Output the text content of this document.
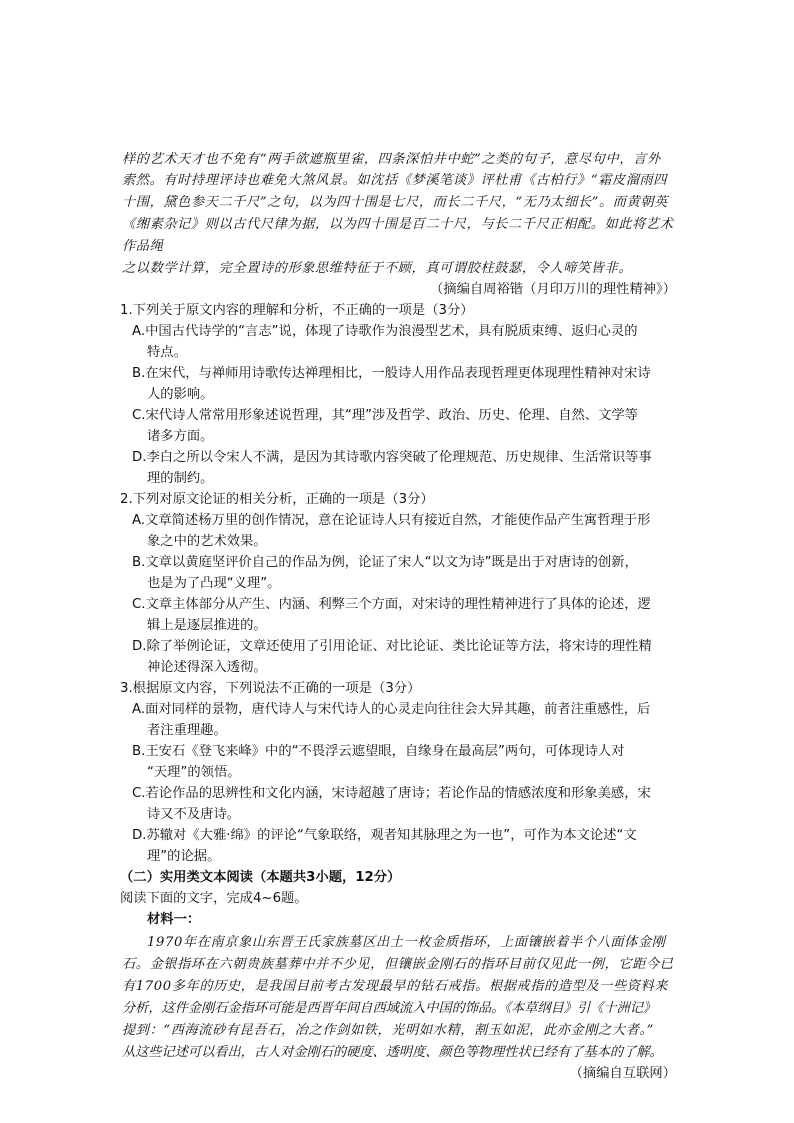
样的艺术天才也不免有“两手欲遮瓶里雀，四条深怕井中蛇”之类的句子，意尽句中，言外
索然。有时持理评诗也难免大煞风景。如沈括《梦溪笔谈》评杜甫《古柏行》“霜皮溜雨四
十围，黛色参天二千尺”之句，以为四十围是七尺，而长二千尺，“无乃太细长”。而黄朝英
《缃素杂记》则以古代尺律为据，以为四十围是百二十尺，与长二千尺正相配。如此将艺术
作品绳
之以数学计算，完全置诗的形象思维特征于不顾，真可谓胶柱鼓瑟，令人啼笑皆非。
（摘编自周裕锴（月印万川的理性精神》）
1.下列关于原文内容的理解和分析，不正确的一项是（3分）
A.中国古代诗学的“言志”说，体现了诗歌作为浪漫型艺术，具有脱质束缚、返归心灵的
特点。
B.在宋代，与禅师用诗歌传达禅理相比，一般诗人用作品表现哲理更体现理性精神对宋诗
人的影响。
C.宋代诗人常常用形象述说哲理，其“理”涉及哲学、政治、历史、伦理、自然、文学等
诸多方面。
D.李白之所以令宋人不满，是因为其诗歌内容突破了伦理规范、历史规律、生活常识等事
理的制约。
2.下列对原文论证的相关分析，正确的一项是（3分）
A.文章简述杨万里的创作情况，意在论证诗人只有接近自然，才能使作品产生寓哲理于形
象之中的艺术效果。
B.文章以黄庭坚评价自己的作品为例，论证了宋人“以文为诗”既是出于对唐诗的创新，
也是为了凸现“义理”。
C.文章主体部分从产生、内涵、利弊三个方面，对宋诗的理性精神进行了具体的论述，逻
辑上是逐层推进的。
D.除了举例论证，文章还使用了引用论证、对比论证、类比论证等方法，将宋诗的理性精
神论述得深入透彻。
3.根据原文内容，下列说法不正确的一项是（3分）
A.面对同样的景物，唐代诗人与宋代诗人的心灵走向往往会大异其趣，前者注重感性，后
者注重理趣。
B.王安石《登飞来峰》中的“不畏浮云遮望眼，自缘身在最高层”两句，可体现诗人对
“天理”的领悟。
C.若论作品的思辨性和文化内涵，宋诗超越了唐诗；若论作品的情感浓度和形象美感，宋
诗又不及唐诗。
D.苏辙对《大雅·绵》的评论“气象联络，观者知其脉理之为一也”，可作为本文论述“文
理”的论据。
（二）实用类文本阅读（本题共3小题，12分）
阅读下面的文字，完成4~6题。
材料一：
1970年在南京象山东晋王氏家族墓区出土一枚金质指环，上面镶嵌着半个八面体金刚
石。金银指环在六朝贵族墓葬中并不少见，但镶嵌金刚石的指环目前仅见此一例，它距今已
有1700多年的历史，是我国目前考古发现最早的钻石戒指。根据戒指的造型及一些资料来
分析，这件金刚石金指环可能是西晋年间自西域流入中国的饰品。《本草纲目》引《十洲记》
提到：“西海流砂有昆吾石，冶之作剑如铁，光明如水精，割玉如泥，此亦金刚之大者。”
从这些记述可以看出，古人对金刚石的硬度、透明度、颜色等物理性状已经有了基本的了解。
（摘编自互联网）
